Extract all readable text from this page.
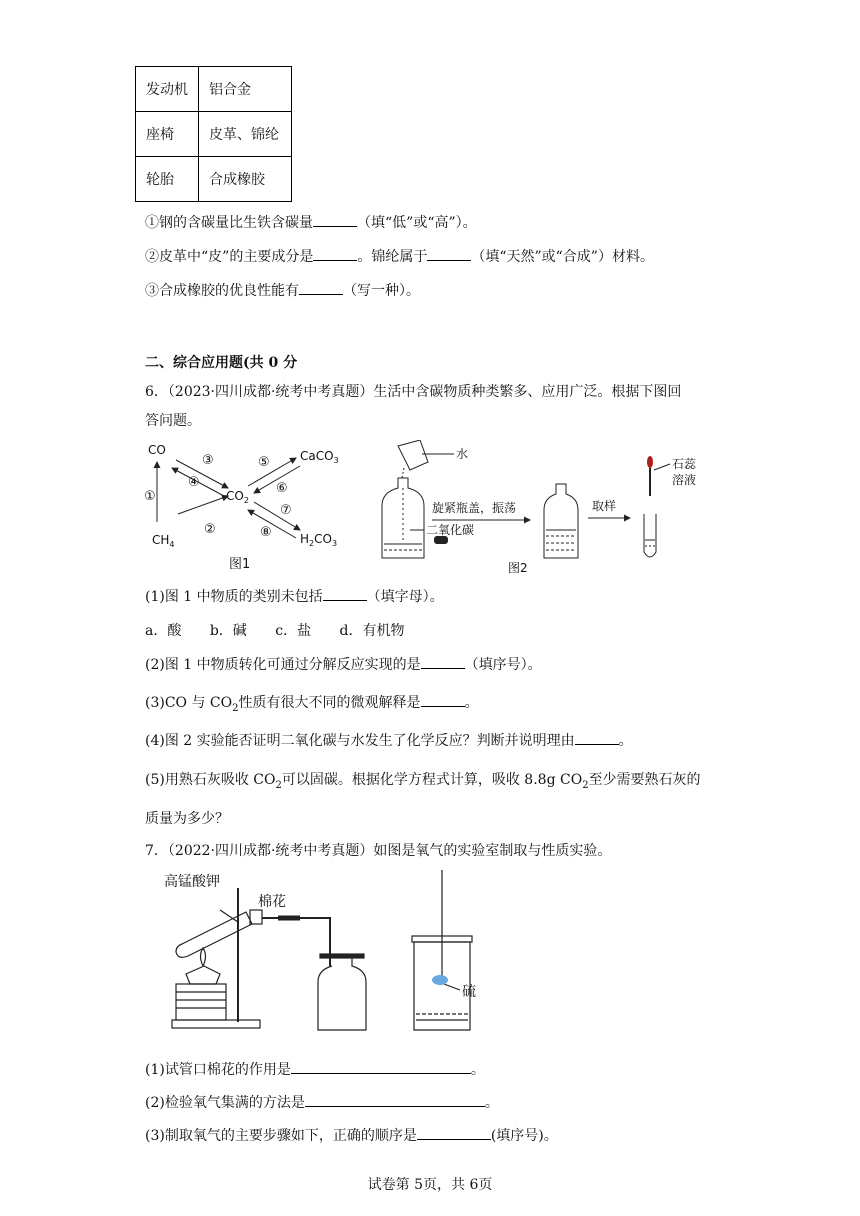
发动机	铝合金
座椅	皮革、锦纶
轮胎	合成橡胶
①钢的含碳量比生铁含碳量	（填“低”或“高”）。
②皮革中“皮”的主要成分是	。锦纶属于	（填“天然”或“合成”）材料。
③合成橡胶的优良性能有	（写一种）。
二、综合应用题(共 0 分
6．（2023·四川成都·统考中考真题）生活中含碳物质种类繁多、应用广泛。根据下图回
答问题。
CO
$CO_2$
$CH_4$
CaCO$_3$
$H_2CO_3$
①
②
③
④
⑤
⑥
⑦
⑧
图1
水
旋紧瓶盖，振荡
二氧化碳
取样
石蕊
溶液
图2
(1)图 1 中物质的类别未包括	（填字母）。
a．酸 b．碱 c．盐 d．有机物
(2)图 1 中物质转化可通过分解反应实现的是	（填序号）。
(3)CO 与 $CO_2$性质有很大不同的微观解释是	。
(4)图 2 实验能否证明二氧化碳与水发生了化学反应？判断并说明理由	。
(5)用熟石灰吸收 $CO_2$可以固碳。根据化学方程式计算，吸收 8.8g $CO_2$至少需要熟石灰的
质量为多少？
7．（2022·四川成都·统考中考真题）如图是氧气的实验室制取与性质实验。
高锰酸钾
棉花
硫
(1)试管口棉花的作用是	。
(2)检验氧气集满的方法是	。
(3)制取氧气的主要步骤如下，正确的顺序是	(填序号)。
试卷第 5页，共 6页
